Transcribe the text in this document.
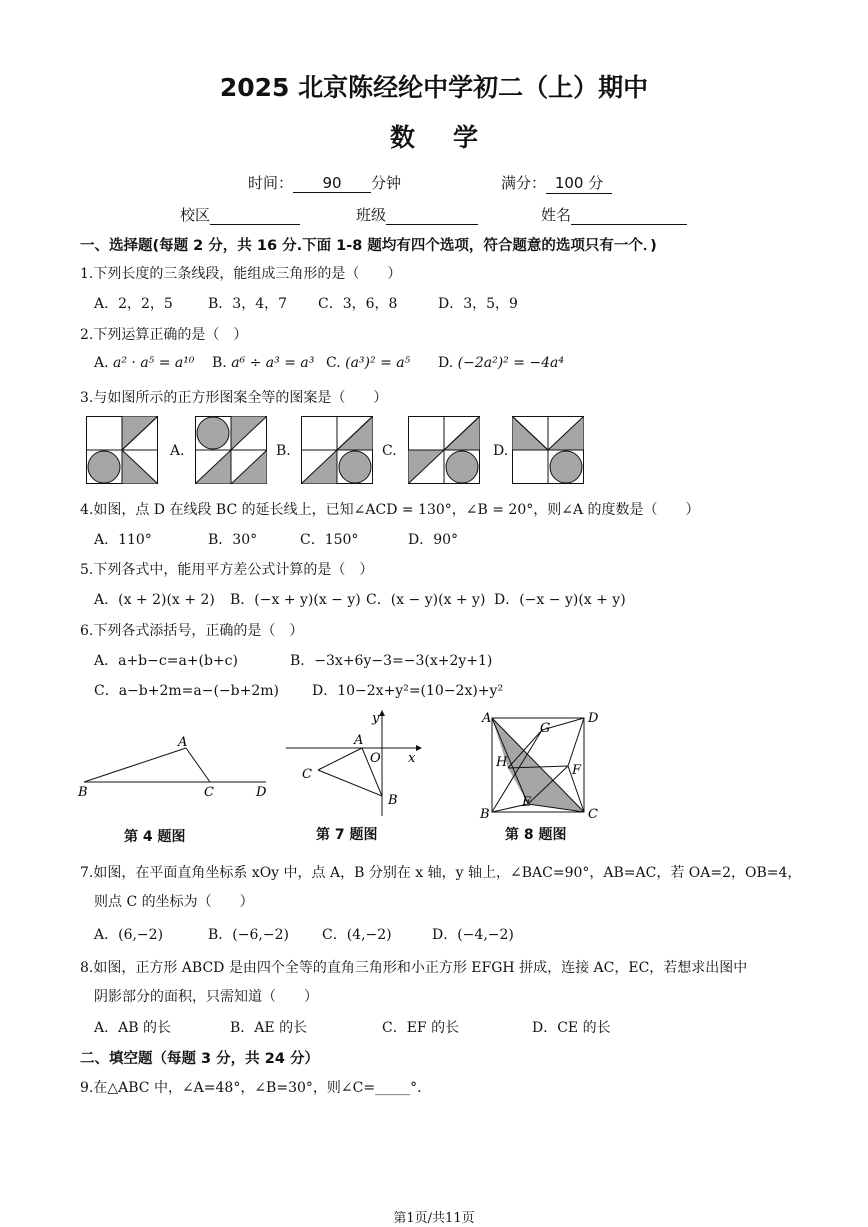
2025 北京陈经纶中学初二（上）期中
数学
时间： 90 分钟	满分： 100 分
校区	班级	姓名
一、选择题(每题 2 分，共 16 分.下面 1-8 题均有四个选项，符合题意的选项只有一个．)
1.下列长度的三条线段，能组成三角形的是（　　）
A．2，2，5	B．3，4，7 C．3，6，8	D．3，5，9
2.下列运算正确的是（　）
A. a² · a⁵ = a¹⁰ B. a⁶ ÷ a³ = a³ C. (a³)² = a⁵ D. (−2a²)² = −4a⁴
3.与如图所示的正方形图案全等的图案是（　　）
A.	B.	C.	D.
4.如图，点 D 在线段 BC 的延长线上，已知∠ACD = 130°，∠B = 20°，则∠A 的度数是（　　）
A．110°	B．30°	C．150°	D．90°
5.下列各式中，能用平方差公式计算的是（　）
A．(x + 2)(x + 2) B．(−x + y)(x − y) C．(x − y)(x + y) D．(−x − y)(x + y)
6.下列各式添括号，正确的是（　）
A．a+b−c=a+(b+c)	B．−3x+6y−3=−3(x+2y+1)
C．a−b+2m=a−(−b+2m) D．10−2x+y²=(10−2x)+y²
A
B	C	D
第 4 题图
y
x
A
O
C
B
第 7 题图
A	D
G
H
F
E
B	C
第 8 题图
7.如图，在平面直角坐标系 xOy 中，点 A，B 分别在 x 轴，y 轴上，∠BAC=90°，AB=AC，若 OA=2，OB=4，
则点 C 的坐标为（　　）
A．(6,−2)	B．(−6,−2) C．(4,−2)	D．(−4,−2)
8.如图，正方形 ABCD 是由四个全等的直角三角形和小正方形 EFGH 拼成，连接 AC，EC，若想求出图中
阴影部分的面积，只需知道（　　）
A．AB 的长	B．AE 的长	C．EF 的长	D．CE 的长
二、填空题（每题 3 分，共 24 分）
9.在△ABC 中，∠A=48°，∠B=30°，则∠C=_____°．
第1页/共11页
